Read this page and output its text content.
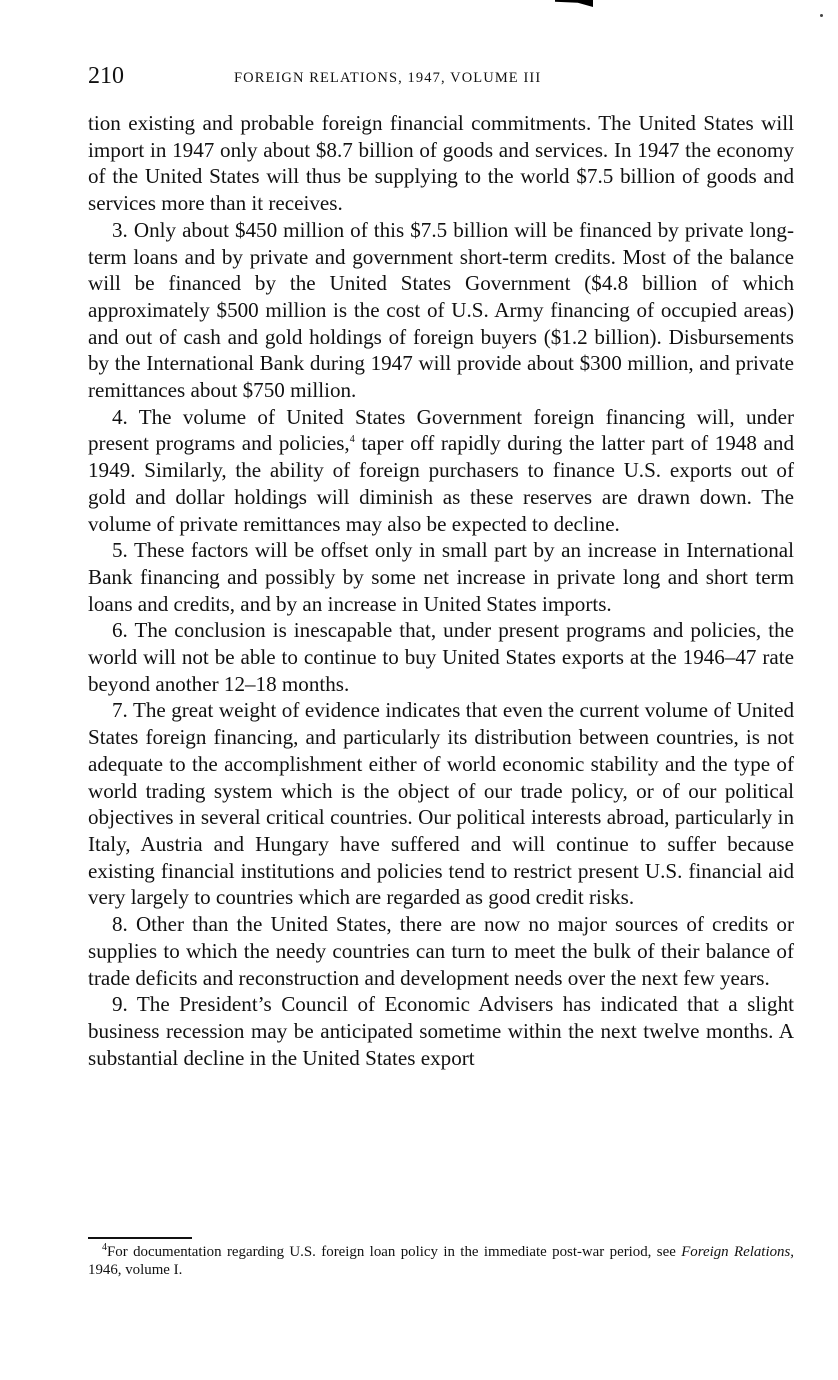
210	FOREIGN RELATIONS, 1947, VOLUME III

tion existing and probable foreign financial commitments. The United States will import in 1947 only about $8.7 billion of goods and services. In 1947 the economy of the United States will thus be supplying to the world $7.5 billion of goods and services more than it receives.

3. Only about $450 million of this $7.5 billion will be financed by private long-term loans and by private and government short-term credits. Most of the balance will be financed by the United States Government ($4.8 billion of which approximately $500 million is the cost of U.S. Army financing of occupied areas) and out of cash and gold holdings of foreign buyers ($1.2 billion). Disbursements by the International Bank during 1947 will provide about $300 million, and private remittances about $750 million.

4. The volume of United States Government foreign financing will, under present programs and policies,$^4$ taper off rapidly during the latter part of 1948 and 1949. Similarly, the ability of foreign purchasers to finance U.S. exports out of gold and dollar holdings will diminish as these reserves are drawn down. The volume of private remittances may also be expected to decline.

5. These factors will be offset only in small part by an increase in International Bank financing and possibly by some net increase in private long and short term loans and credits, and by an increase in United States imports.

6. The conclusion is inescapable that, under present programs and policies, the world will not be able to continue to buy United States exports at the 1946–47 rate beyond another 12–18 months.

7. The great weight of evidence indicates that even the current volume of United States foreign financing, and particularly its distribution between countries, is not adequate to the accomplishment either of world economic stability and the type of world trading system which is the object of our trade policy, or of our political objectives in several critical countries. Our political interests abroad, particularly in Italy, Austria and Hungary have suffered and will continue to suffer because existing financial institutions and policies tend to restrict present U.S. financial aid very largely to countries which are regarded as good credit risks.

8. Other than the United States, there are now no major sources of credits or supplies to which the needy countries can turn to meet the bulk of their balance of trade deficits and reconstruction and development needs over the next few years.

9. The President’s Council of Economic Advisers has indicated that a slight business recession may be anticipated sometime within the next twelve months. A substantial decline in the United States export

$^4$For documentation regarding U.S. foreign loan policy in the immediate post-war period, see Foreign Relations, 1946, volume I.
